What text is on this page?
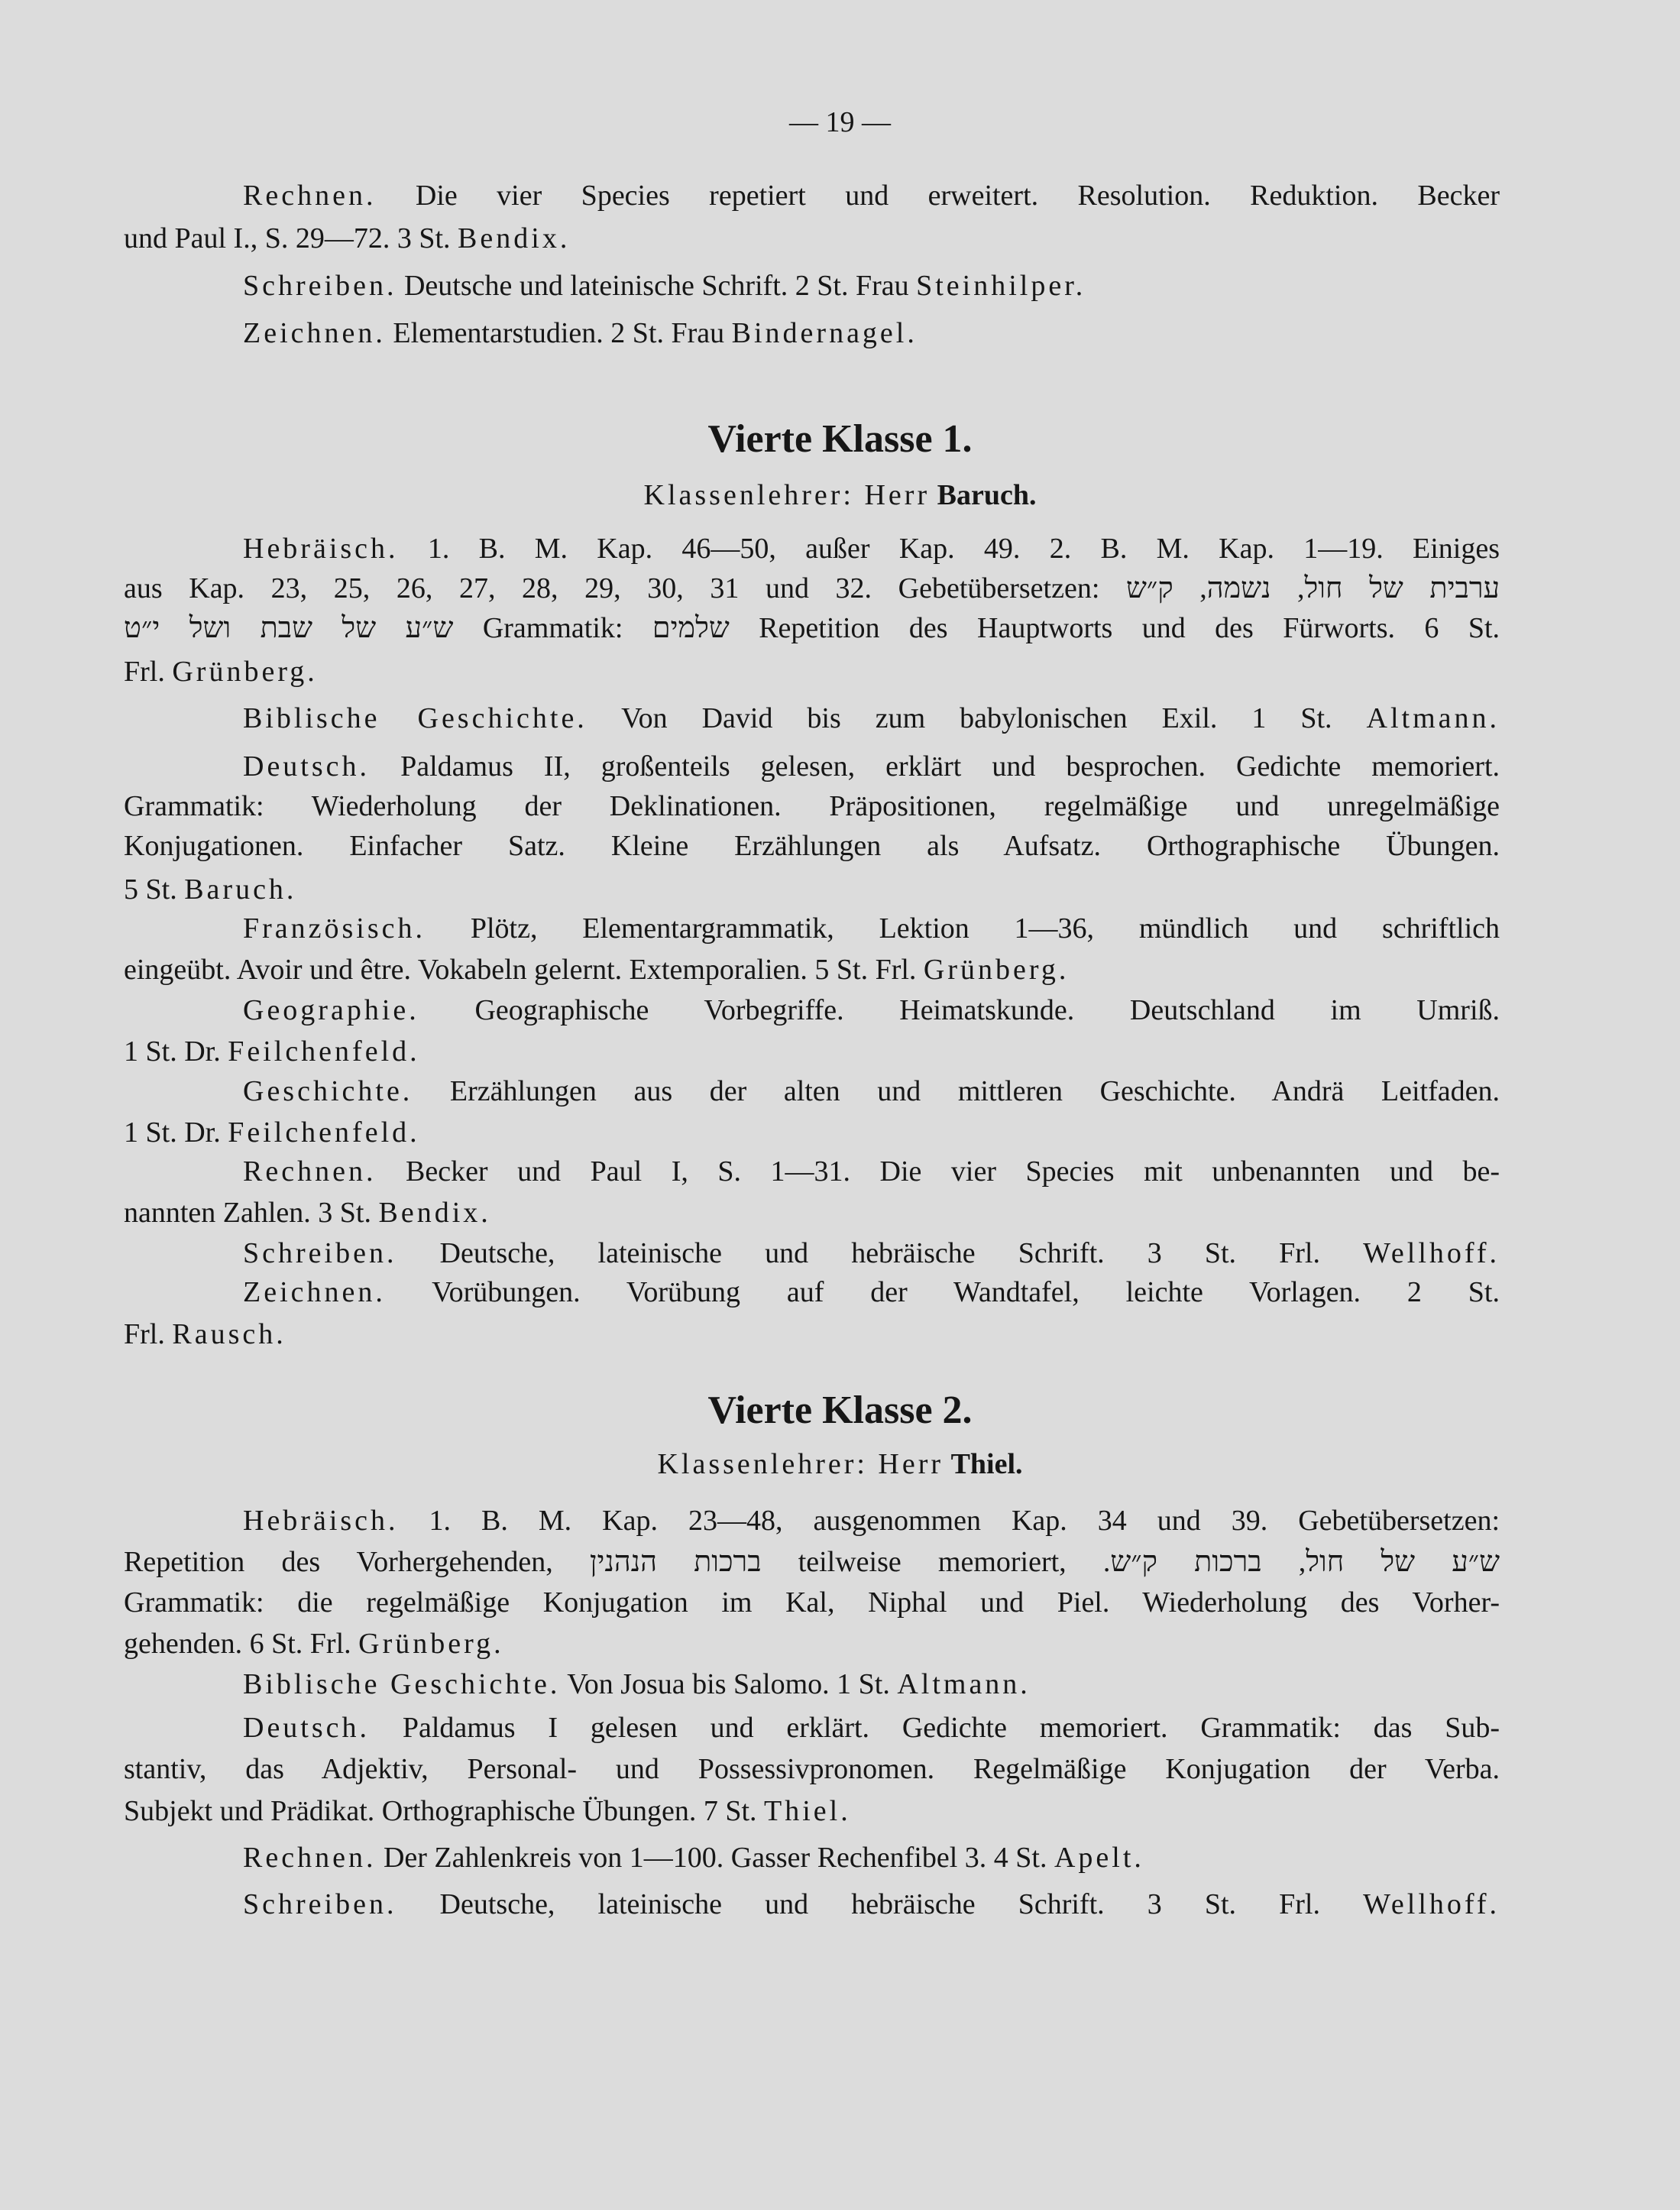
— 19 —
Rechnen. Die vier Species repetiert und erweitert. Resolution. Reduktion. Becker
und Paul I., S. 29—72. 3 St. Bendix.
Schreiben. Deutsche und lateinische Schrift. 2 St. Frau Steinhilper.
Zeichnen. Elementarstudien. 2 St. Frau Bindernagel.
Vierte Klasse 1.
Klassenlehrer: Herr Baruch.
Hebräisch. 1. B. M. Kap. 46—50, außer Kap. 49. 2. B. M. Kap. 1—19. Einiges
aus Kap. 23, 25, 26, 27, 28, 29, 30, 31 und 32. Gebetübersetzen: ערבית של חול, נשמה, ק״ש
ש״ע של שבת ושל י״ט Grammatik: שלמים Repetition des Hauptworts und des Fürworts. 6 St.
Frl. Grünberg.
Biblische Geschichte. Von David bis zum babylonischen Exil. 1 St. Altmann.
Deutsch. Paldamus II, großenteils gelesen, erklärt und besprochen. Gedichte memoriert.
Grammatik: Wiederholung der Deklinationen. Präpositionen, regelmäßige und unregelmäßige
Konjugationen. Einfacher Satz. Kleine Erzählungen als Aufsatz. Orthographische Übungen.
5 St. Baruch.
Französisch. Plötz, Elementargrammatik, Lektion 1—36, mündlich und schriftlich
eingeübt. Avoir und être. Vokabeln gelernt. Extemporalien. 5 St. Frl. Grünberg.
Geographie. Geographische Vorbegriffe. Heimatskunde. Deutschland im Umriß.
1 St. Dr. Feilchenfeld.
Geschichte. Erzählungen aus der alten und mittleren Geschichte. Andrä Leitfaden.
1 St. Dr. Feilchenfeld.
Rechnen. Becker und Paul I, S. 1—31. Die vier Species mit unbenannten und be-
nannten Zahlen. 3 St. Bendix.
Schreiben. Deutsche, lateinische und hebräische Schrift. 3 St. Frl. Wellhoff.
Zeichnen. Vorübungen. Vorübung auf der Wandtafel, leichte Vorlagen. 2 St.
Frl. Rausch.
Vierte Klasse 2.
Klassenlehrer: Herr Thiel.
Hebräisch. 1. B. M. Kap. 23—48, ausgenommen Kap. 34 und 39. Gebetübersetzen:
Repetition des Vorhergehenden, ברכות הנהנין teilweise memoriert, ש״ע של חול, ברכות ק״ש.
Grammatik: die regelmäßige Konjugation im Kal, Niphal und Piel. Wiederholung des Vorher-
gehenden. 6 St. Frl. Grünberg.
Biblische Geschichte. Von Josua bis Salomo. 1 St. Altmann.
Deutsch. Paldamus I gelesen und erklärt. Gedichte memoriert. Grammatik: das Sub-
stantiv, das Adjektiv, Personal- und Possessivpronomen. Regelmäßige Konjugation der Verba.
Subjekt und Prädikat. Orthographische Übungen. 7 St. Thiel.
Rechnen. Der Zahlenkreis von 1—100. Gasser Rechenfibel 3. 4 St. Apelt.
Schreiben. Deutsche, lateinische und hebräische Schrift. 3 St. Frl. Wellhoff.
